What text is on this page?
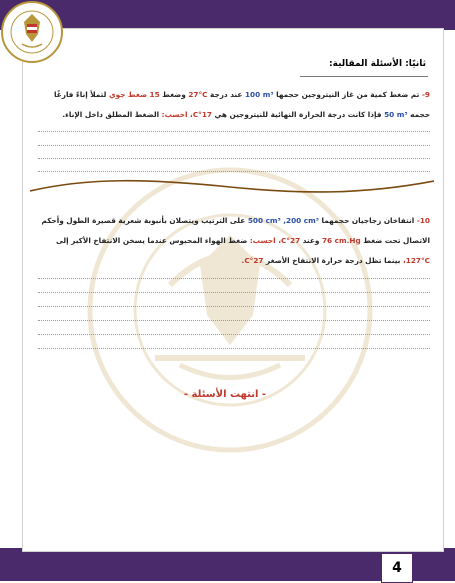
ثانيًا: الأسئلة المقالية:
9- تم ضغط كمية من غاز النيتروجين حجمها 100 m³ عند درجة 27°C وضغط 15 ضغط جوي لتملأ إناءً فارغًا
حجمه 50 m³ فإذا كانت درجة الحرارة النهائية للنيتروجين هي 17°C، احسب: الضغط المطلق داخل الإناء.
10- انتفاخان زجاجيان حجمهما 500 cm³ ,200 cm³ على الترتيب ويتصلان بأنبوبة شعرية قصيرة الطول وأحكم
الاتصال تحت ضغط 76 cm.Hg وعند 27°C، احسب: ضغط الهواء المحبوس عندما يسخن الانتفاخ الأكبر إلى
127°C، بينما تظل درجة حرارة الانتفاخ الأصغر 27°C.
- انتهت الأسئلة -
4
